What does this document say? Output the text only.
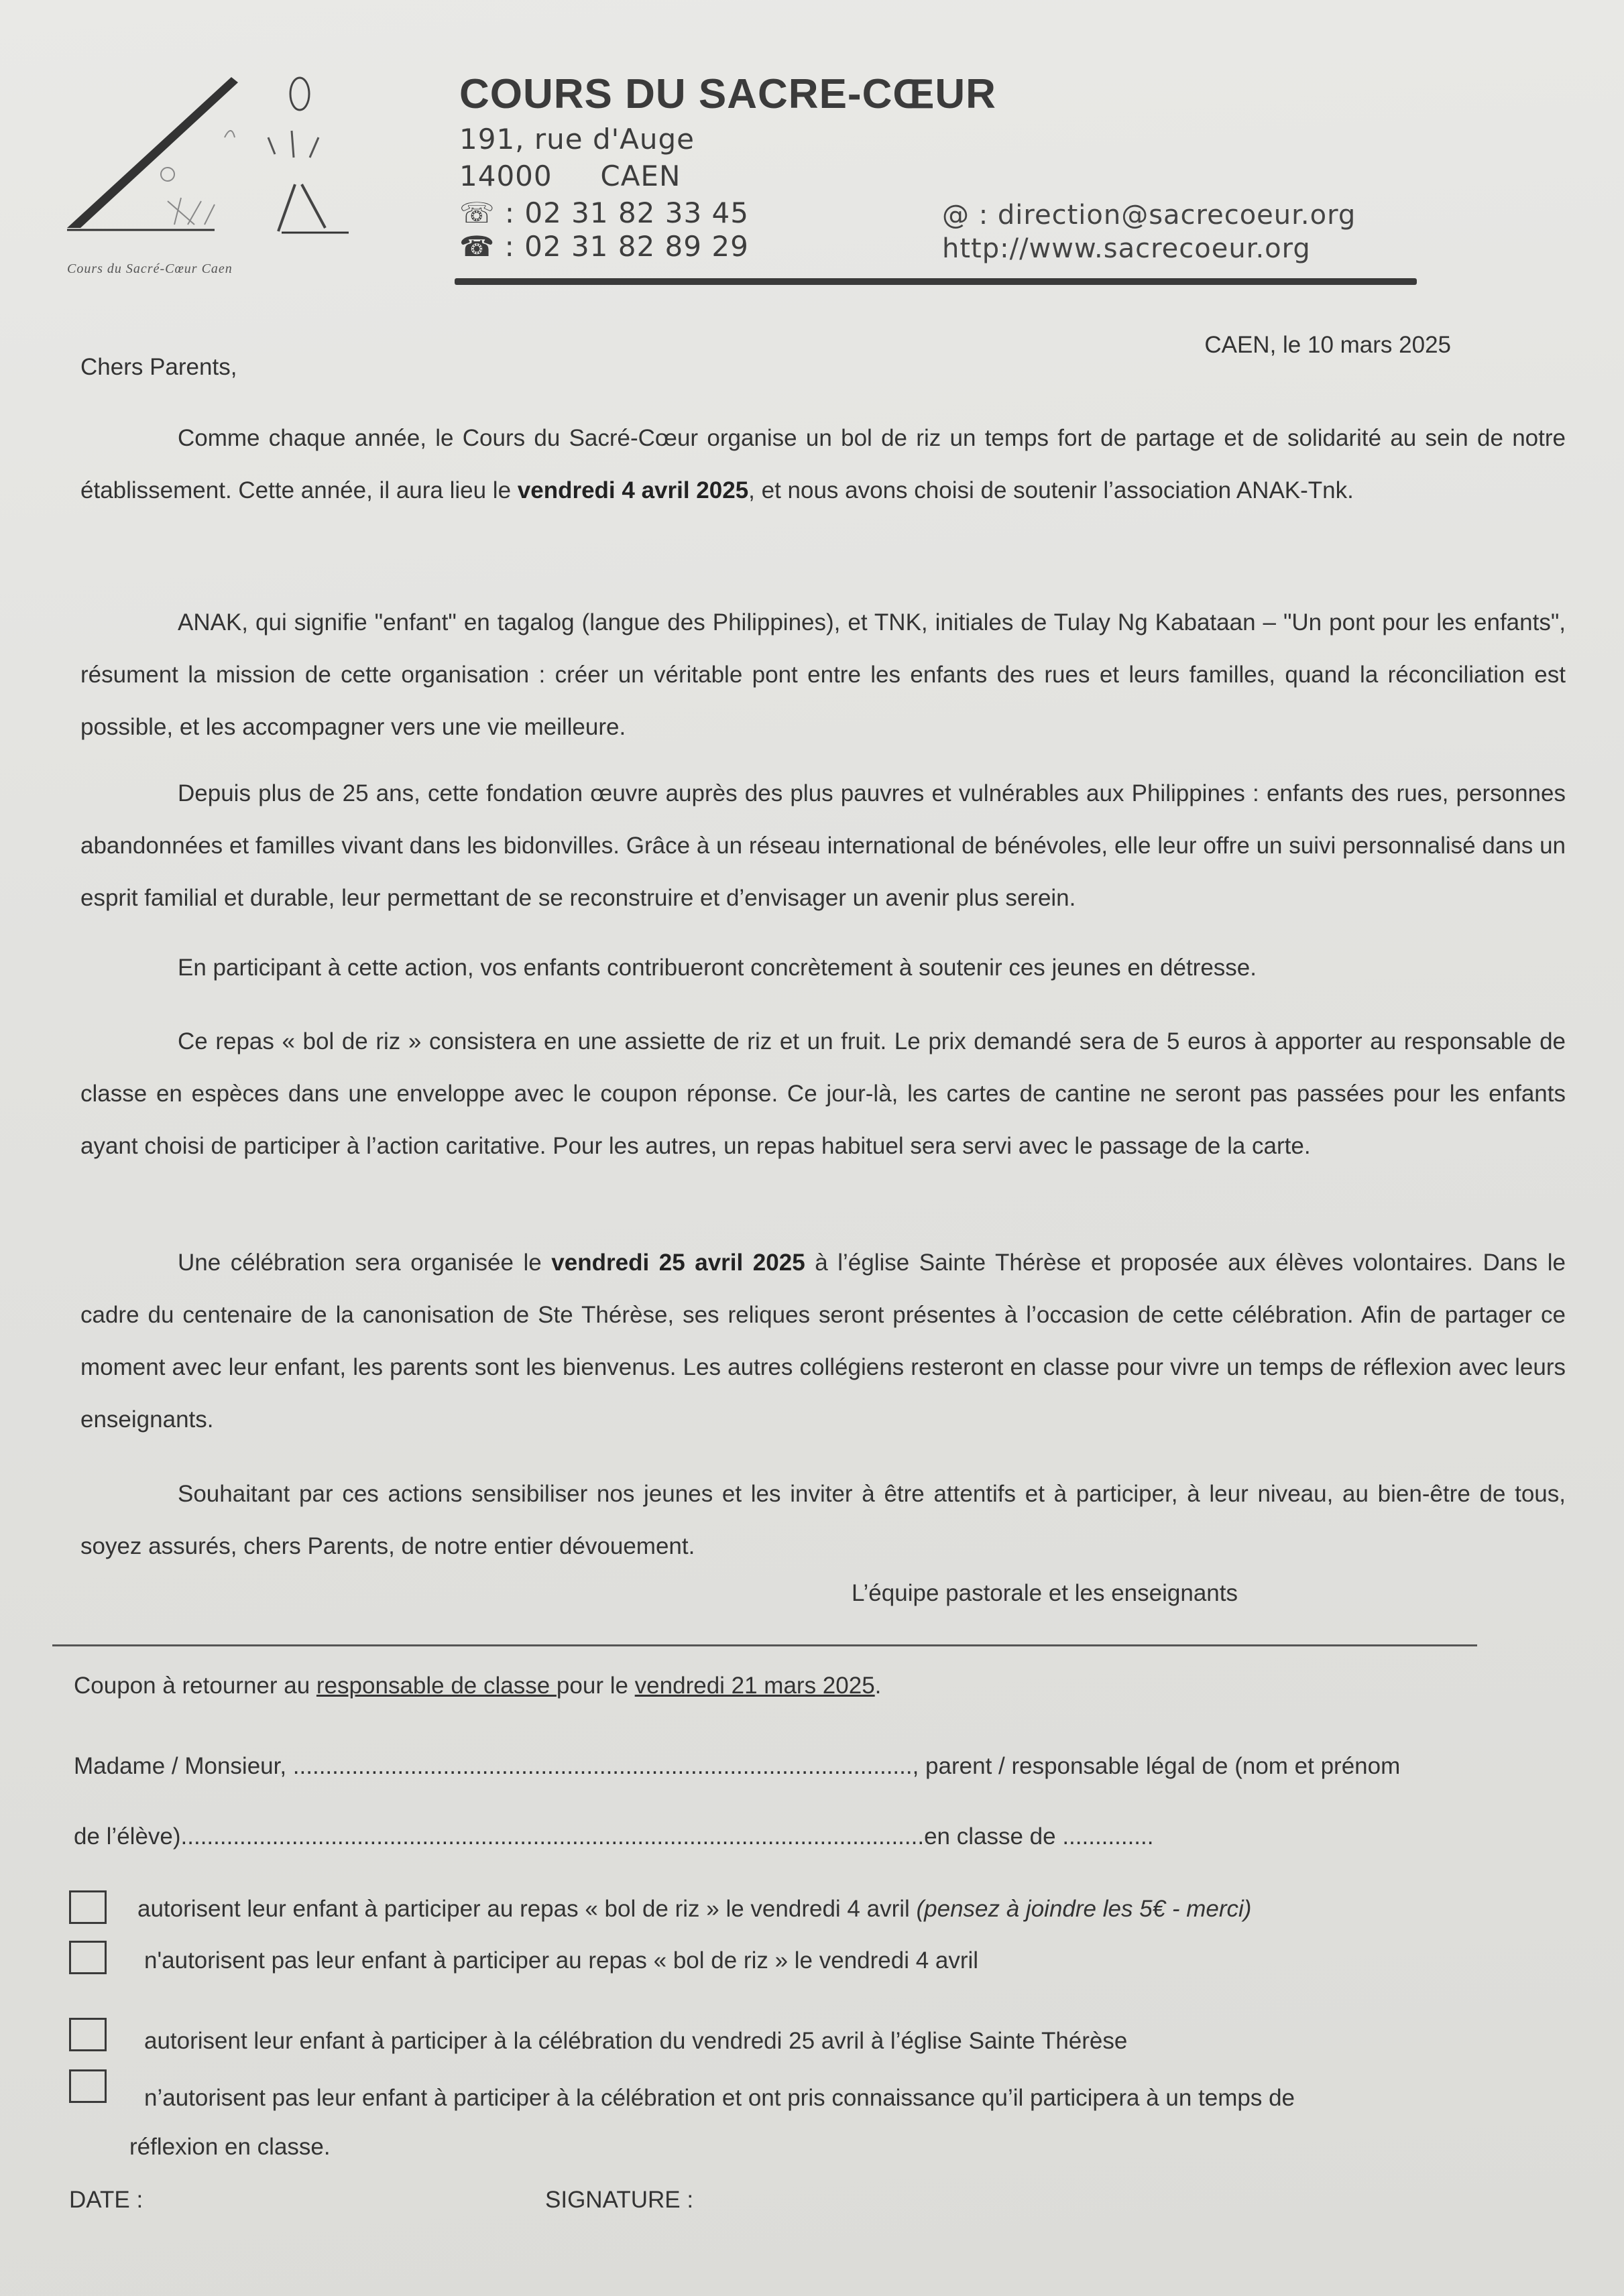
Cours du Sacré-Cœur Caen
COURS DU SACRE-CŒUR
191, rue d'Auge
14000     CAEN
☏ : 02 31 82 33 45
☎ : 02 31 82 89 29
@ : direction@sacrecoeur.org
http://www.sacrecoeur.org
CAEN, le 10 mars 2025
Chers Parents,

Comme chaque année, le Cours du Sacré-Cœur organise un bol de riz un temps fort de partage et de solidarité au sein de notre établissement. Cette année, il aura lieu le vendredi 4 avril 2025, et nous avons choisi de soutenir l’association ANAK-Tnk.

ANAK, qui signifie "enfant" en tagalog (langue des Philippines), et TNK, initiales de Tulay Ng Kabataan – "Un pont pour les enfants", résument la mission de cette organisation : créer un véritable pont entre les enfants des rues et leurs familles, quand la réconciliation est possible, et les accompagner vers une vie meilleure.

Depuis plus de 25 ans, cette fondation œuvre auprès des plus pauvres et vulnérables aux Philippines : enfants des rues, personnes abandonnées et familles vivant dans les bidonvilles. Grâce à un réseau international de bénévoles, elle leur offre un suivi personnalisé dans un esprit familial et durable, leur permettant de se reconstruire et d’envisager un avenir plus serein.

En participant à cette action, vos enfants contribueront concrètement à soutenir ces jeunes en détresse.

Ce repas « bol de riz » consistera en une assiette de riz et un fruit. Le prix demandé sera de 5 euros à apporter au responsable de classe en espèces dans une enveloppe avec le coupon réponse. Ce jour-là, les cartes de cantine ne seront pas passées pour les enfants ayant choisi de participer à l’action caritative. Pour les autres, un repas habituel sera servi avec le passage de la carte.

Une célébration sera organisée le vendredi 25 avril 2025 à l’église Sainte Thérèse et proposée aux élèves volontaires. Dans le cadre du centenaire de la canonisation de Ste Thérèse, ses reliques seront présentes à l’occasion de cette célébration. Afin de partager ce moment avec leur enfant, les parents sont les bienvenus. Les autres collégiens resteront en classe pour vivre un temps de réflexion avec leurs enseignants.

Souhaitant par ces actions sensibiliser nos jeunes et les inviter à être attentifs et à participer, à leur niveau, au bien-être de tous, soyez assurés, chers Parents, de notre entier dévouement.

L’équipe pastorale et les enseignants
Coupon à retourner au responsable de classe pour le vendredi 21 mars 2025.
Madame / Monsieur, ..............................................................................................., parent / responsable légal de (nom et prénom
de l’élève)..................................................................................................................en classe de ..............
autorisent leur enfant à participer au repas « bol de riz » le vendredi 4 avril (pensez à joindre les 5€ - merci)
n'autorisent pas leur enfant à participer au repas « bol de riz » le vendredi 4 avril
autorisent leur enfant à participer à la célébration du vendredi 25 avril à l’église Sainte Thérèse
n’autorisent pas leur enfant à participer à la célébration et ont pris connaissance qu’il participera à un temps de
réflexion en classe.
DATE :	SIGNATURE :
